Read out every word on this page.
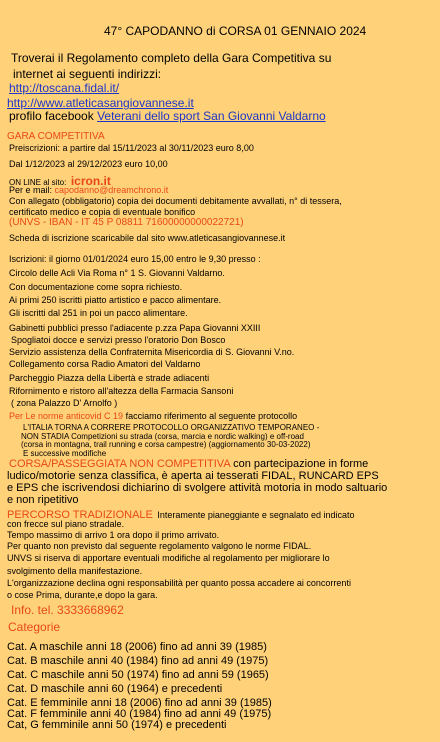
47° CAPODANNO di CORSA 01 GENNAIO 2024
Troverai il Regolamento completo della Gara Competitiva su
internet ai seguenti indirizzi:
http://toscana.fidal.it/
http://www.atleticasangiovannese.it
profilo facebook Veterani dello sport San Giovanni Valdarno
GARA COMPETITIVA
Preiscrizioni: a partire dal 15/11/2023 al 30/11/2023 euro 8,00
Dal 1/12/2023 al 29/12/2023 euro 10,00
ON LINE al sito: icron.it
Per e mail: capodanno@dreamchrono.it
Con allegato (obbligatorio) copia dei documenti debitamente avvallati, n° di tessera,
certificato medico e copia di eventuale bonifico
(UNVS - IBAN - IT 45 P 08811 71600000000022721)
Scheda di iscrizione scaricabile dal sito www.atleticasangiovannese.it
Iscrizioni: il giorno 01/01/2024 euro 15,00 entro le 9,30 presso :
Circolo delle Acli Via Roma n° 1 S. Giovanni Valdarno.
Con documentazione come sopra richiesto.
Ai primi 250 iscritti piatto artistico e pacco alimentare.
Gli iscritti dal 251 in poi un pacco alimentare.
Gabinetti pubblici presso l'adiacente p.zza Papa Giovanni XXIII
Spogliatoi docce e servizi presso l'oratorio Don Bosco
Servizio assistenza della Confraternita Misericordia di S. Giovanni V.no.
Collegamento corsa Radio Amatori del Valdarno
Parcheggio Piazza della Libertà e strade adiacenti
Rifornimento e ristoro all'altezza della Farmacia Sansoni
( zona Palazzo D' Arnolfo )
Per Le norme anticovid C 19 facciamo riferimento al seguente protocollo
L'ITALIA TORNA A CORRERE PROTOCOLLO ORGANIZZATIVO TEMPORANEO -
NON STADIA Competizioni su strada (corsa, marcia e nordic walking) e off-road
(corsa in montagna, trail running e corsa campestre) (aggiornamento 30-03-2022)
E successive modifiche
CORSA/PASSEGGIATA NON COMPETITIVA con partecipazione in forme
ludico/motorie senza classifica, è aperta ai tesserati FIDAL, RUNCARD EPS
e EPS che iscrivendosi dichiarino di svolgere attività motoria in modo saltuario
e non ripetitivo
PERCORSO TRADIZIONALE Interamente pianeggiante e segnalato ed indicato
con frecce sul piano stradale.
Tempo massimo di arrivo 1 ora dopo il primo arrivato.
Per quanto non previsto dal seguente regolamento valgono le norme FIDAL.
UNVS si riserva di apportare eventuali modifiche al regolamento per migliorare lo
svolgimento della manifestazione.
L'organizzazione declina ogni responsabilità per quanto possa accadere ai concorrenti
o cose Prima, durante,e dopo la gara.
Info. tel. 3333668962
Categorie
Cat. A maschile anni 18 (2006) fino ad anni 39 (1985)
Cat. B maschile anni 40 (1984) fino ad anni 49 (1975)
Cat. C maschile anni 50 (1974) fino ad anni 59 (1965)
Cat. D maschile anni 60 (1964) e precedenti
Cat. E femminile anni 18 (2006) fino ad anni 39 (1985)
Cat. F femminile anni 40 (1984) fino ad anni 49 (1975)
Cat, G femminile anni 50 (1974) e precedenti
